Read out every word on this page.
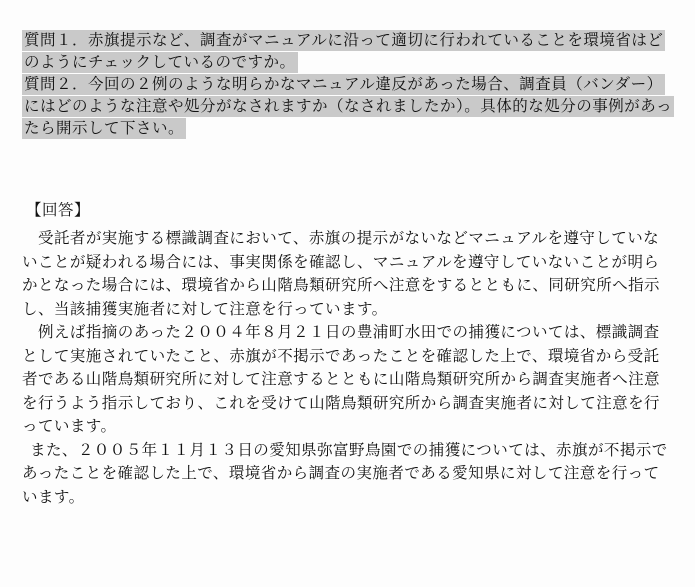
質問１．赤旗提示など、調査がマニュアルに沿って適切に行われていることを環境省はど
のようにチェックしているのですか。
質問２．今回の２例のような明らかなマニュアル違反があった場合、調査員（バンダー）
にはどのような注意や処分がなされますか（なされましたか）。具体的な処分の事例があっ
たら開示して下さい。
【回答】
受託者が実施する標識調査において、赤旗の提示がないなどマニュアルを遵守していな
いことが疑われる場合には、事実関係を確認し、マニュアルを遵守していないことが明ら
かとなった場合には、環境省から山階鳥類研究所へ注意をするとともに、同研究所へ指示
し、当該捕獲実施者に対して注意を行っています。
例えば指摘のあった２００４年８月２１日の豊浦町水田での捕獲については、標識調査
として実施されていたこと、赤旗が不掲示であったことを確認した上で、環境省から受託
者である山階鳥類研究所に対して注意するとともに山階鳥類研究所から調査実施者へ注意
を行うよう指示しており、これを受けて山階鳥類研究所から調査実施者に対して注意を行
っています。
また、２００５年１１月１３日の愛知県弥富野鳥園での捕獲については、赤旗が不掲示で
あったことを確認した上で、環境省から調査の実施者である愛知県に対して注意を行って
います。
